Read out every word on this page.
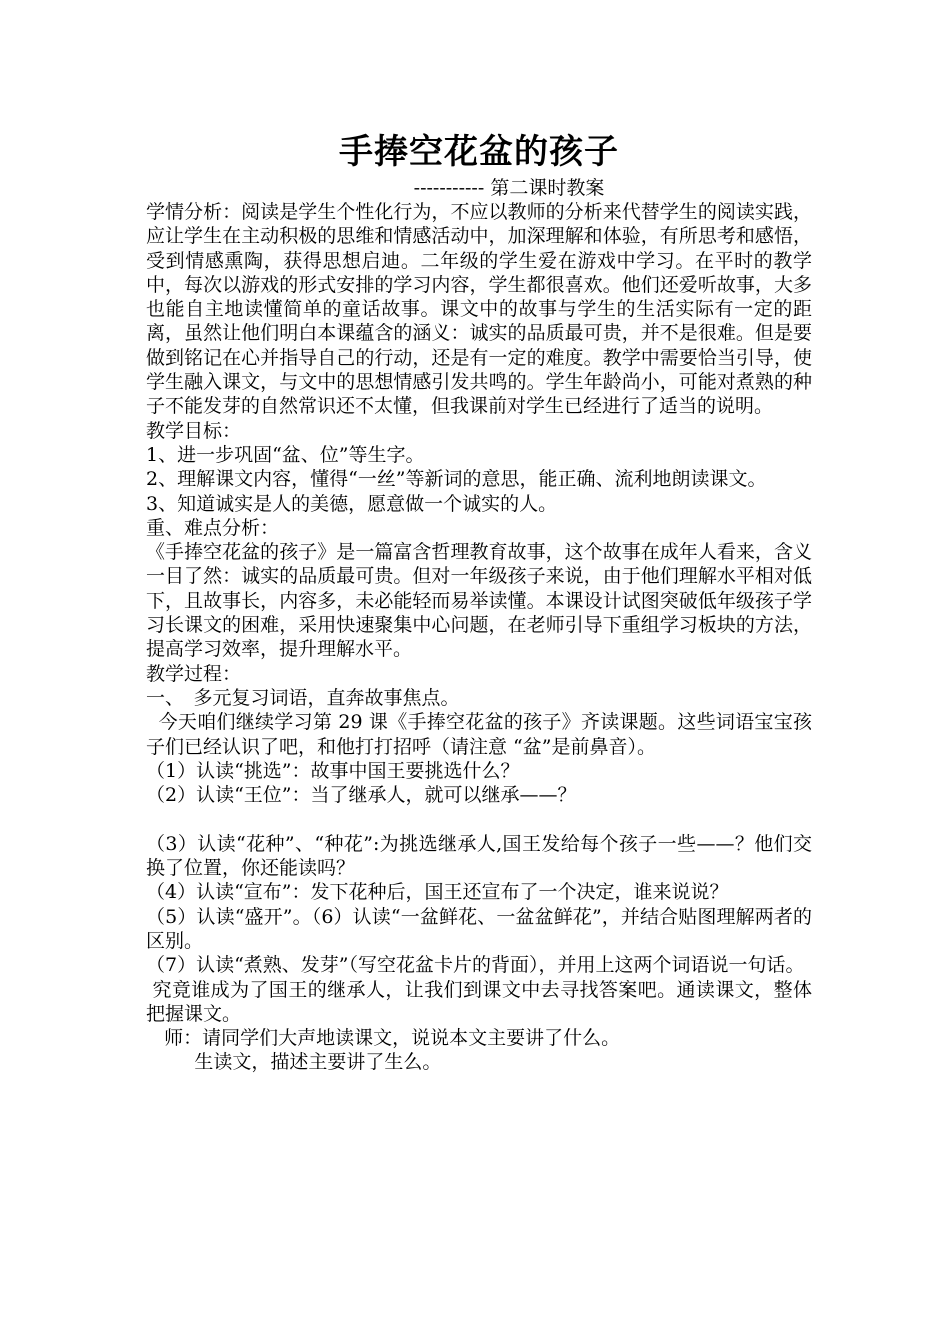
手捧空花盆的孩子
----------- 第二课时教案

学情分析：阅读是学生个性化行为，不应以教师的分析来代替学生的阅读实践，应让学生在主动积极的思维和情感活动中，加深理解和体验，有所思考和感悟，受到情感熏陶，获得思想启迪。二年级的学生爱在游戏中学习。在平时的教学中，每次以游戏的形式安排的学习内容，学生都很喜欢。他们还爱听故事，大多也能自主地读懂简单的童话故事。课文中的故事与学生的生活实际有一定的距离，虽然让他们明白本课蕴含的涵义：诚实的品质最可贵，并不是很难。但是要做到铭记在心并指导自己的行动，还是有一定的难度。教学中需要恰当引导，使学生融入课文，与文中的思想情感引发共鸣的。学生年龄尚小，可能对煮熟的种子不能发芽的自然常识还不太懂，但我课前对学生已经进行了适当的说明。

教学目标：

1、进一步巩固“盆、位”等生字。

2、理解课文内容，懂得“一丝”等新词的意思，能正确、流利地朗读课文。

3、知道诚实是人的美德，愿意做一个诚实的人。

重、难点分析：

《手捧空花盆的孩子》是一篇富含哲理教育故事，这个故事在成年人看来，含义一目了然：诚实的品质最可贵。但对一年级孩子来说，由于他们理解水平相对低下，且故事长，内容多，未必能轻而易举读懂。本课设计试图突破低年级孩子学习长课文的困难，采用快速聚集中心问题，在老师引导下重组学习板块的方法，提高学习效率，提升理解水平。

教学过程：

一、　多元复习词语，直奔故事焦点。

今天咱们继续学习第 29 课《手捧空花盆的孩子》齐读课题。这些词语宝宝孩子们已经认识了吧，和他打打招呼（请注意 “盆”是前鼻音）。

（1）认读“挑选”：故事中国王要挑选什么？

（2）认读“王位”：当了继承人，就可以继承——？

（3）认读“花种”、“种花”:为挑选继承人,国王发给每个孩子一些——？他们交换了位置，你还能读吗？

（4）认读“宣布”：发下花种后，国王还宣布了一个决定，谁来说说？

（5）认读“盛开”。（6）认读“一盆鲜花、一盆盆鲜花”，并结合贴图理解两者的区别。

（7）认读“煮熟、发芽”（写空花盆卡片的背面），并用上这两个词语说一句话。

究竟谁成为了国王的继承人，让我们到课文中去寻找答案吧。通读课文，整体把握课文。

师：请同学们大声地读课文，说说本文主要讲了什么。

生读文，描述主要讲了生么。
